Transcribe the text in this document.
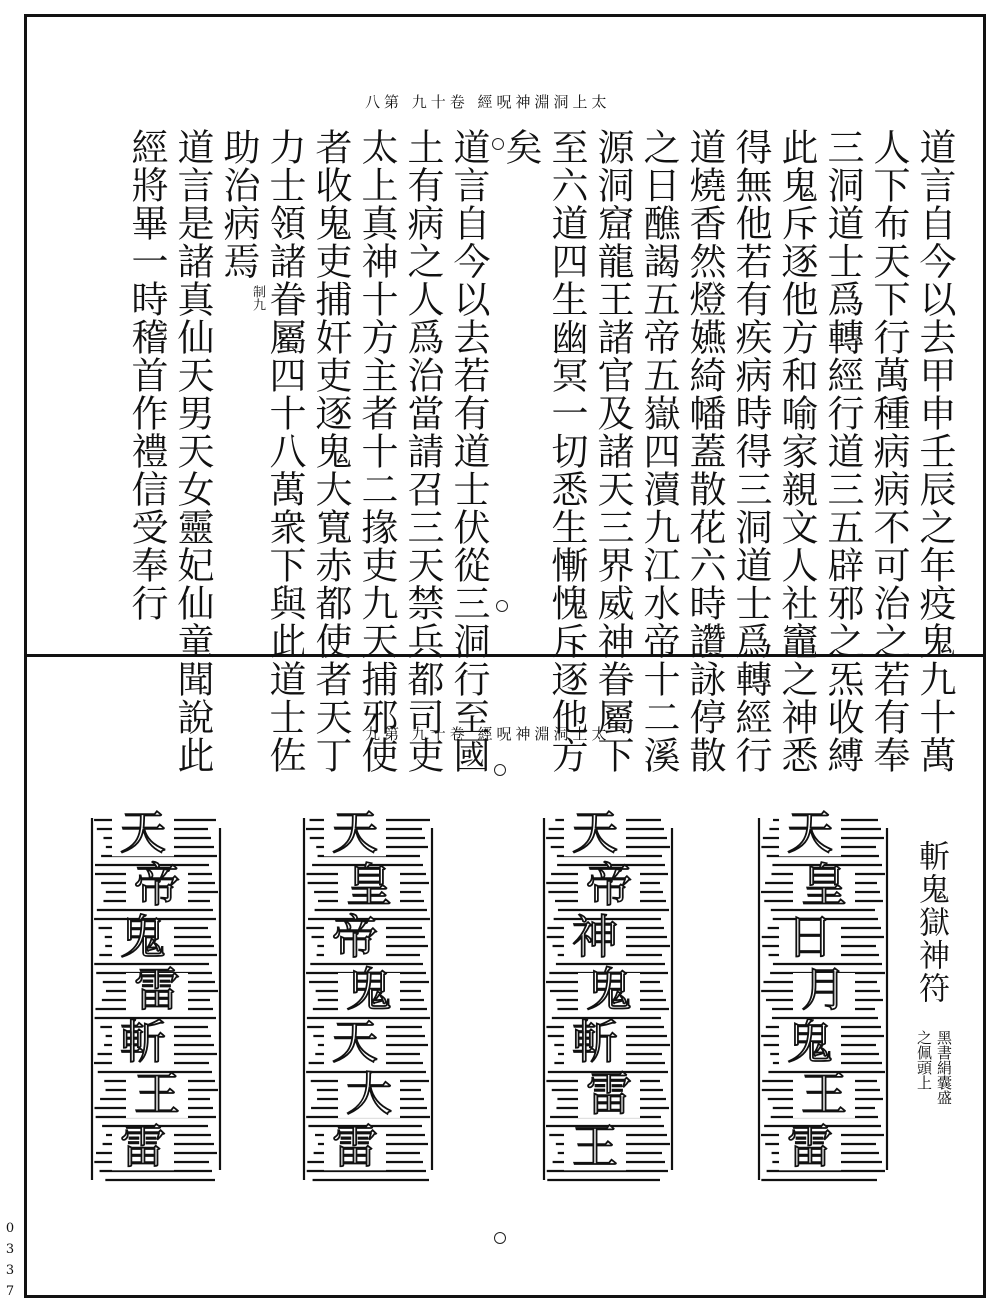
太上洞淵神呪經 卷十九 第八
道言自今以去甲申壬辰之年疫鬼九十萬
人下布天下行萬種病病不可治之若有奉
三洞道士爲轉經行道三五辟邪之炁收縛
此鬼斥逐他方和喻家親文人社竈之神悉
得無他若有疾病時得三洞道士爲轉經行
道燒香然燈嬿綺幡蓋散花六時讚詠停散
之日醮謁五帝五嶽四瀆九江水帝十二溪
源洞窟龍王諸官及諸天三界威神眷屬下
至六道四生幽冥一切悉生慚愧斥逐他方
矣
道言自今以去若有道士伏從三洞行至國
土有病之人爲治當請召三天禁兵都司吏
太上真神十方主者十二掾吏九天捕邪使
者收鬼吏捕奸吏逐鬼大寬赤都使者天丁
力士領諸眷屬四十八萬衆下與此道士佐
助治病焉
道言是諸真仙天男天女靈妃仙童聞說此
經將畢一時稽首作禮信受奉行	制九
太上洞淵神呪經 卷十九 第九
斬鬼獄神符
黑書絹囊盛
之佩頭上
天
皇
日
月
鬼
王
雷
天
帝
神
鬼
斬
雷
王
天
皇
帝
鬼
天
大
雷
天
帝
鬼
雷
斬
王
雷
0337
